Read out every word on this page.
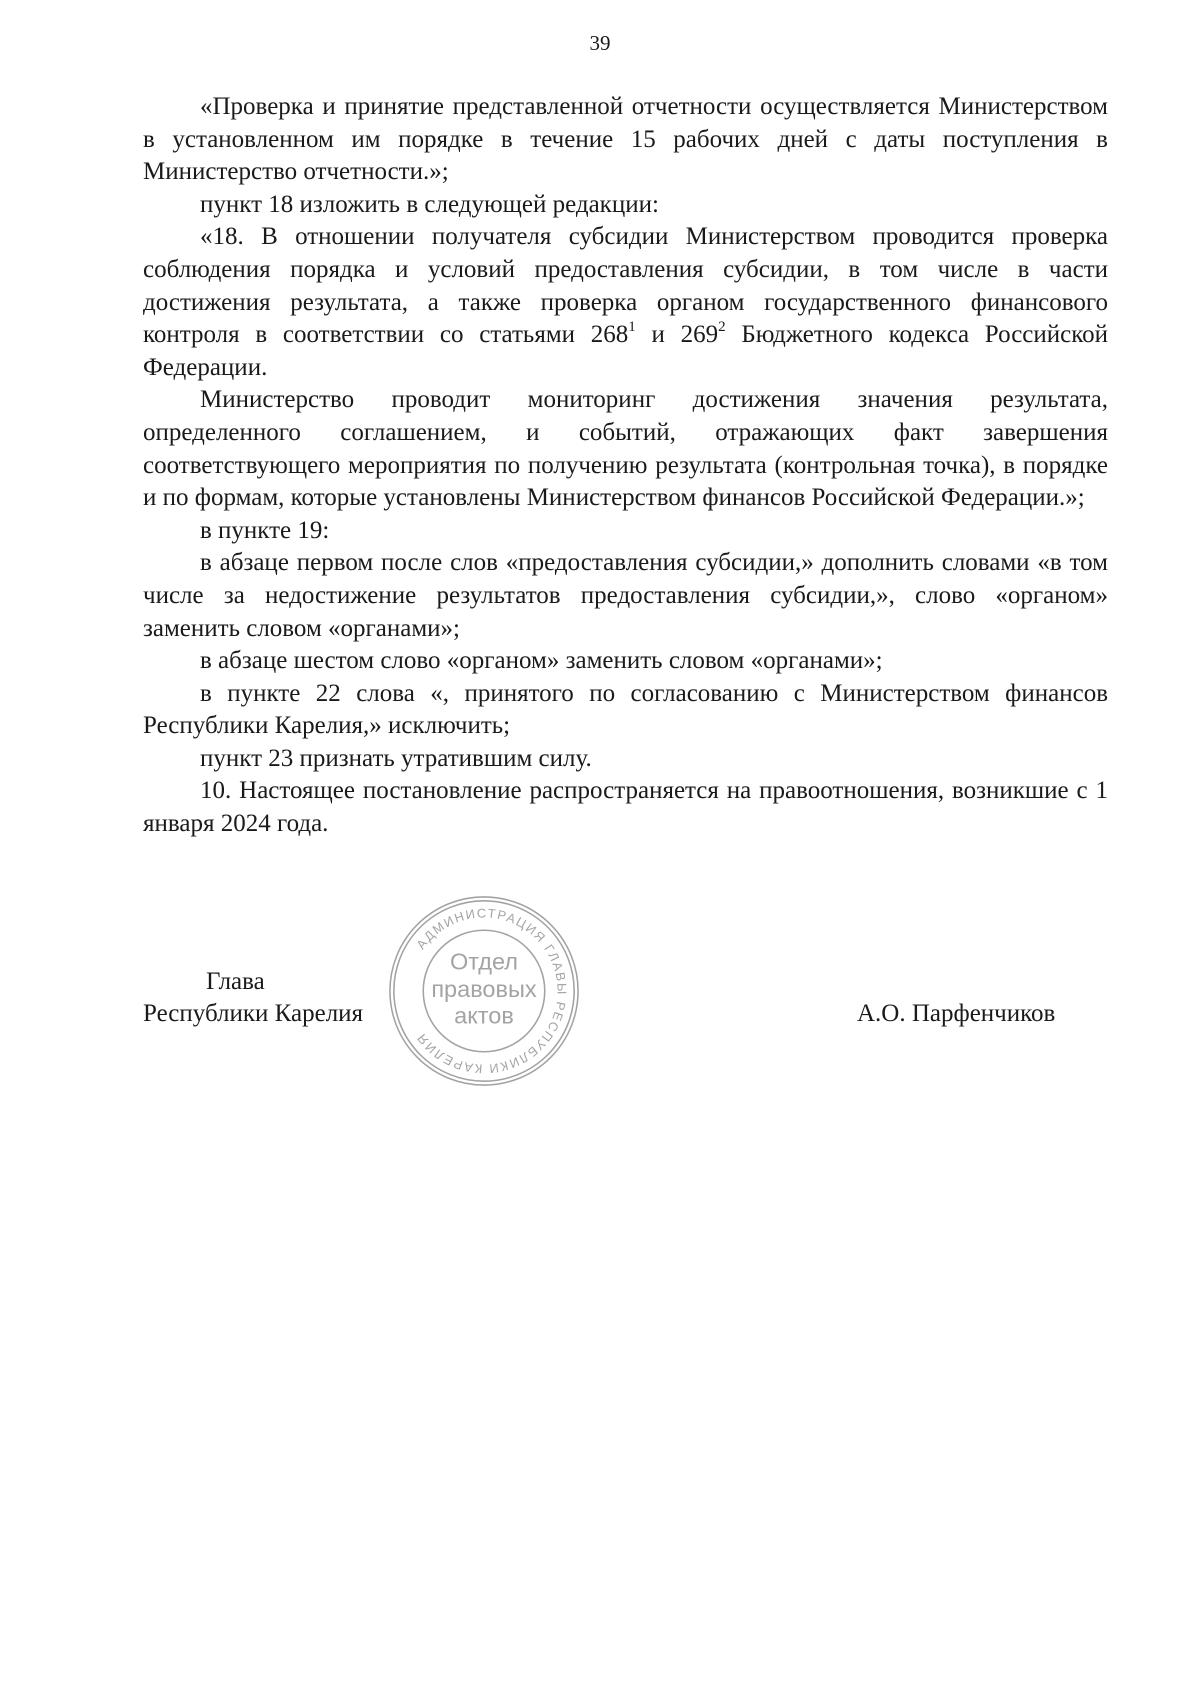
39

«Проверка и принятие представленной отчетности осуществляется Министерством в установленном им порядке в течение 15 рабочих дней с даты поступления в Министерство отчетности.»;

пункт 18 изложить в следующей редакции:

«18. В отношении получателя субсидии Министерством проводится проверка соблюдения порядка и условий предоставления субсидии, в том числе в части достижения результата, а также проверка органом государственного финансового контроля в соответствии со статьями $268^1$ и $269^2$ Бюджетного кодекса Российской Федерации.

Министерство проводит мониторинг достижения значения результата, определенного соглашением, и событий, отражающих факт завершения соответствующего мероприятия по получению результата (контрольная точка), в порядке и по формам, которые установлены Министерством финансов Российской Федерации.»;

в пункте 19:

в абзаце первом после слов «предоставления субсидии,» дополнить словами «в том числе за недостижение результатов предоставления субсидии,», слово «органом» заменить словом «органами»;

в абзаце шестом слово «органом» заменить словом «органами»;

в пункте 22 слова «, принятого по согласованию с Министерством финансов Республики Карелия,» исключить;

пункт 23 признать утратившим силу.

10. Настоящее постановление распространяется на правоотношения, возникшие с 1 января 2024 года.

Глава
Республики Карелия	А.О. Парфенчиков
АДМИНИСТРАЦИЯ ГЛАВЫ РЕСПУБЛИКИ КАРЕЛИЯ
Отдел
правовых
актов
